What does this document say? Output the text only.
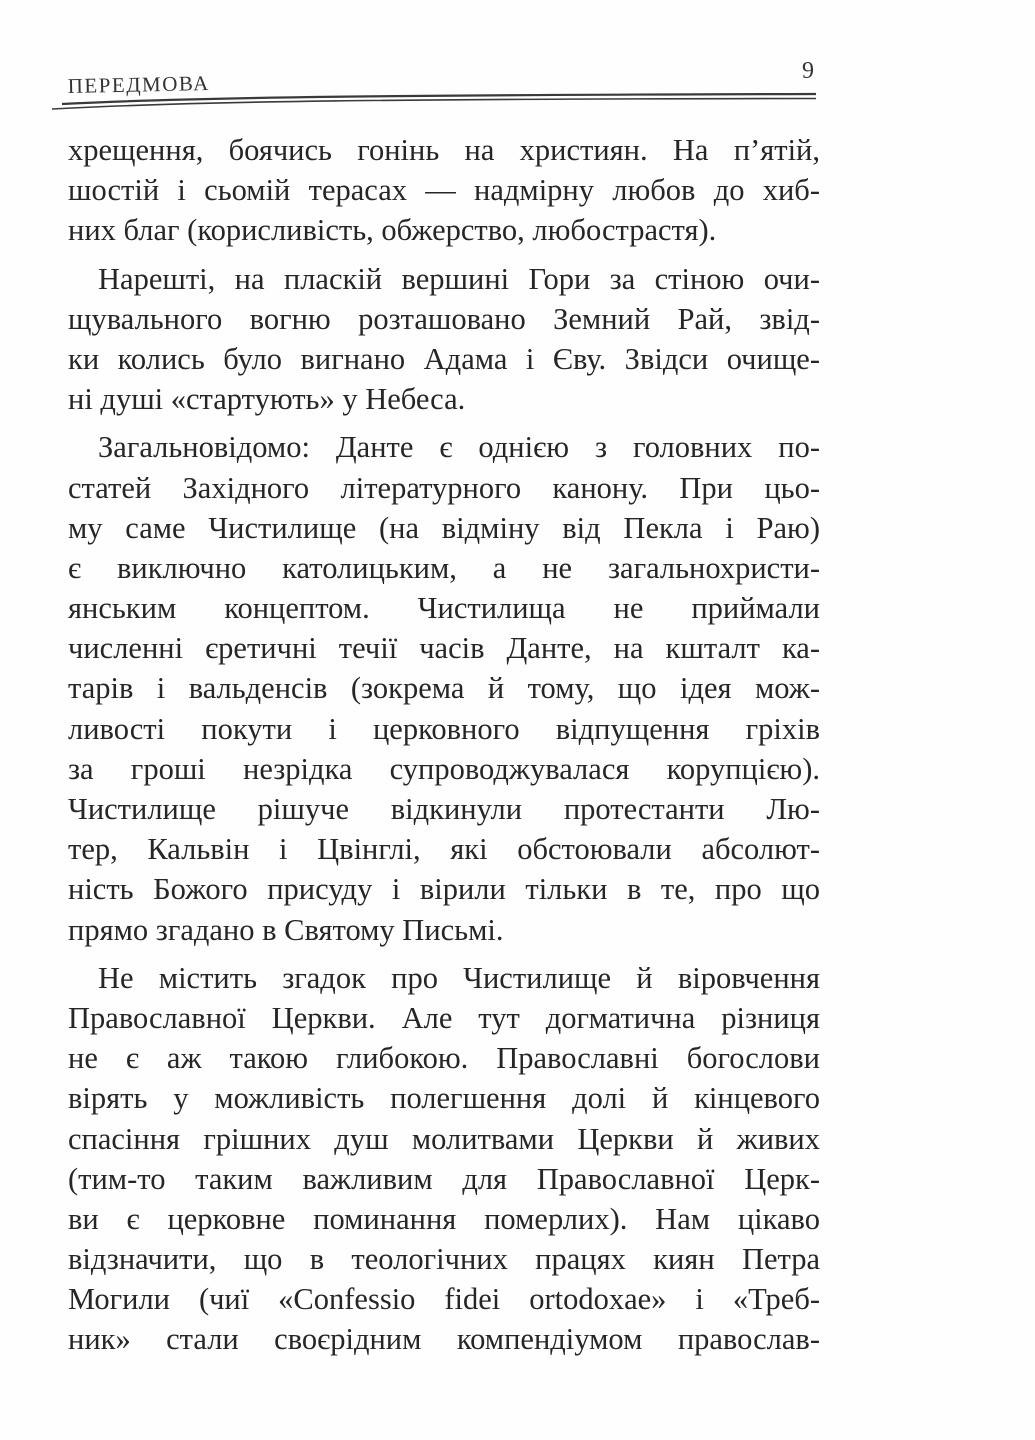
ПЕРЕДМОВА
9
хрещення, боячись гонінь на християн. На п’ятій,
шостій і сьомій терасах — надмірну любов до хиб-
них благ (корисливість, обжерство, любострастя).
Нарешті, на плаcкій вершині Гори за стіною очи-
щувального вогню розташовано Земний Рай, звід-
ки колись було вигнано Адама і Єву. Звідси очище-
ні душі «стартують» у Небеса.
Загальновідомо: Данте є однією з головних по-
статей Західного літературного канону. При цьо-
му саме Чистилище (на відміну від Пекла і Раю)
є виключно католицьким, а не загальнохристи-
янським концептом. Чистилища не приймали
численні єретичні течії часів Данте, на кшталт ка-
тарів і вальденсів (зокрема й тому, що ідея мож-
ливості покути і церковного відпущення гріхів
за гроші незрідка супроводжувалася корупцією).
Чистилище рішуче відкинули протестанти Лю-
тер, Кальвін і Цвінглі, які обстоювали абсолют-
ність Божого присуду і вірили тільки в те, про що
прямо згадано в Святому Письмі.
Не містить згадок про Чистилище й віровчення
Православної Церкви. Але тут догматична різниця
не є аж такою глибокою. Православні богослови
вірять у можливість полегшення долі й кінцевого
спасіння грішних душ молитвами Церкви й живих
(тим-то таким важливим для Православної Церк-
ви є церковне поминання померлих). Нам цікаво
відзначити, що в теологічних працях киян Петра
Могили (чиї «Confessio fidei ortodoxae» і «Треб-
ник» стали своєрідним компендіумом православ-
